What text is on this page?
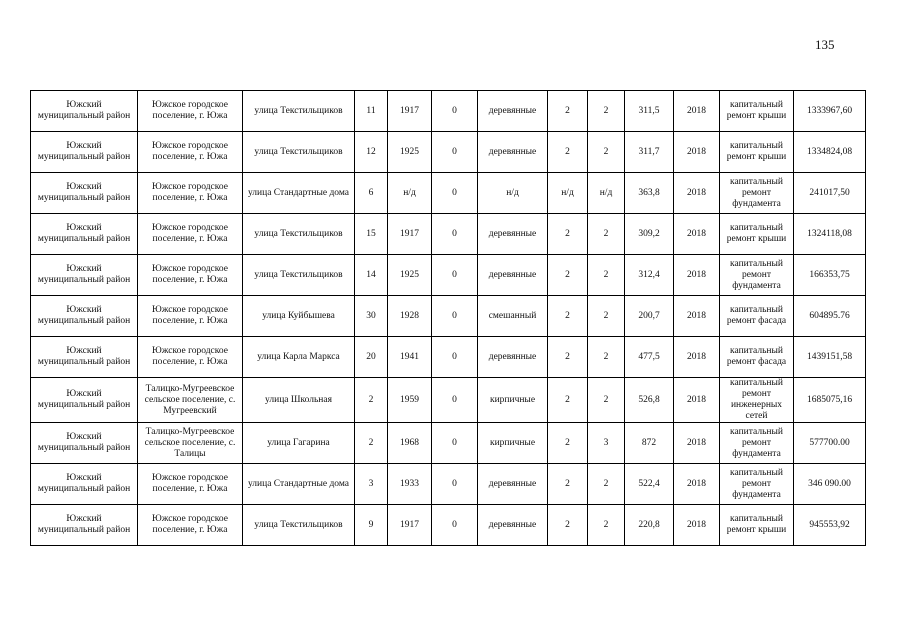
135
Южский муниципальный район	Южское городское поселение, г. Южа	улица Текстильщиков	11	1917	0	деревянные	2	2	311,5	2018	капитальный ремонт крыши	1333967,60
Южский муниципальный район	Южское городское поселение, г. Южа	улица Текстильщиков	12	1925	0	деревянные	2	2	311,7	2018	капитальный ремонт крыши	1334824,08
Южский муниципальный район	Южское городское поселение, г. Южа	улица Стандартные дома	6	н/д	0	н/д	н/д	н/д	363,8	2018	капитальный ремонт фундамента	241017,50
Южский муниципальный район	Южское городское поселение, г. Южа	улица Текстильщиков	15	1917	0	деревянные	2	2	309,2	2018	капитальный ремонт крыши	1324118,08
Южский муниципальный район	Южское городское поселение, г. Южа	улица Текстильщиков	14	1925	0	деревянные	2	2	312,4	2018	капитальный ремонт фундамента	166353,75
Южский муниципальный район	Южское городское поселение, г. Южа	улица Куйбышева	30	1928	0	смешанный	2	2	200,7	2018	капитальный ремонт фасада	604895.76
Южский муниципальный район	Южское городское поселение, г. Южа	улица Карла Маркса	20	1941	0	деревянные	2	2	477,5	2018	капитальный ремонт фасада	1439151,58
Южский муниципальный район	Талицко-Мугреевское сельское поселение, с. Мугреевский	улица Школьная	2	1959	0	кирпичные	2	2	526,8	2018	капитальный ремонт инженерных сетей	1685075,16
Южский муниципальный район	Талицко-Мугреевское сельское поселение, с. Талицы	улица Гагарина	2	1968	0	кирпичные	2	3	872	2018	капитальный ремонт фундамента	577700.00
Южский муниципальный район	Южское городское поселение, г. Южа	улица Стандартные дома	3	1933	0	деревянные	2	2	522,4	2018	капитальный ремонт фундамента	346 090.00
Южский муниципальный район	Южское городское поселение, г. Южа	улица Текстильщиков	9	1917	0	деревянные	2	2	220,8	2018	капитальный ремонт крыши	945553,92
